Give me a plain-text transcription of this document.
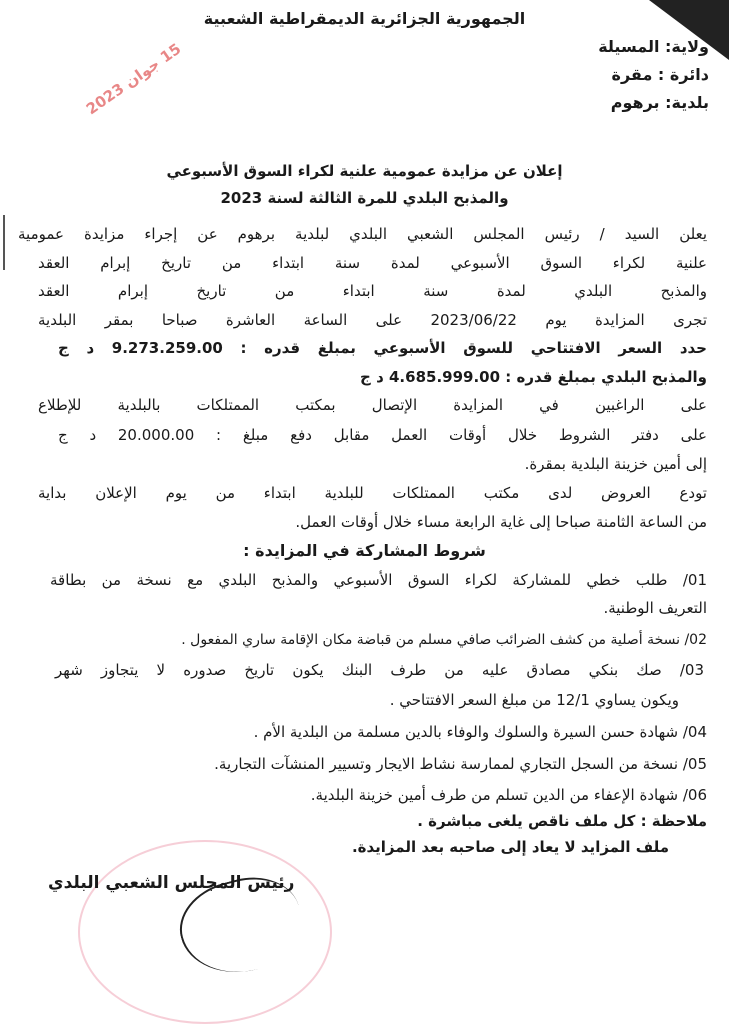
الجمهورية الجزائرية الديمقراطية الشعبية
ولاية: المسيلة
دائرة : مقرة
بلدية: برهوم
15 جوان 2023
إعلان عن مزايدة عمومية علنية لكراء السوق الأسبوعي
والمذبح البلدي للمرة الثالثة لسنة 2023
يعلن السيد / رئيس المجلس الشعبي البلدي لبلدية برهوم عن إجراء مزايدة عمومية
علنية لكراء السوق الأسبوعي لمدة سنة ابتداء من تاريخ إبرام العقد
والمذبح البلدي لمدة سنة ابتداء من تاريخ إبرام العقد
تجرى المزايدة يوم 2023/06/22 على الساعة العاشرة صباحا بمقر البلدية
حدد السعر الافتتاحي للسوق الأسبوعي بمبلغ قدره : 9.273.259.00 د ج
والمذبح البلدي بمبلغ قدره : 4.685.999.00 د ج
على الراغبين في المزايدة الإتصال بمكتب الممتلكات بالبلدية للإطلاع
على دفتر الشروط خلال أوقات العمل مقابل دفع مبلغ : 20.000.00 د ج
إلى أمين خزينة البلدية بمقرة.
تودع العروض لدى مكتب الممتلكات للبلدية ابتداء من يوم الإعلان بداية
من الساعة الثامنة صباحا إلى غاية الرابعة مساء خلال أوقات العمل.
شروط المشاركة في المزايدة :
01/ طلب خطي للمشاركة لكراء السوق الأسبوعي والمذبح البلدي مع نسخة من بطاقة
التعريف الوطنية.
02/ نسخة أصلية من كشف الضرائب صافي مسلم من قباضة مكان الإقامة ساري المفعول .
03/ صك بنكي مصادق عليه من طرف البنك يكون تاريخ صدوره لا يتجاوز شهر
ويكون يساوي 12/1 من مبلغ السعر الافتتاحي .
04/ شهادة حسن السيرة والسلوك والوفاء بالدين مسلمة من البلدية الأم .
05/ نسخة من السجل التجاري لممارسة نشاط الايجار وتسيير المنشآت التجارية.
06/ شهادة الإعفاء من الدين تسلم من طرف أمين خزينة البلدية.
ملاحظة : كل ملف ناقص يلغى مباشرة .
ملف المزايد لا يعاد إلى صاحبه بعد المزايدة.
رئيس المجلس الشعبي البلدي
